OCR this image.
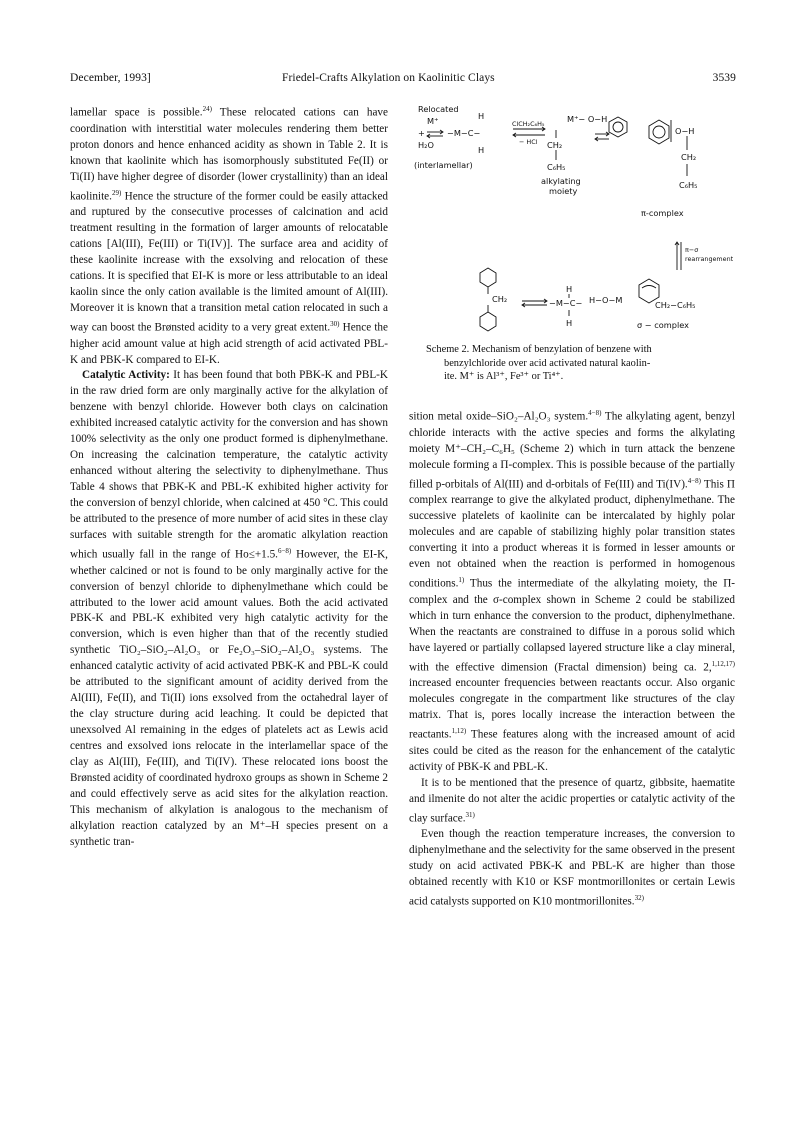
December, 1993]	Friedel-Crafts Alkylation on Kaolinitic Clays	3539

lamellar space is possible.$^{24)}$ These relocated cations can have coordination with interstitial water molecules rendering them better proton donors and hence enhanced acidity as shown in Table 2. It is known that kaolinite which has isomorphously substituted Fe(II) or Ti(II) have higher degree of disorder (lower crystallinity) than an ideal kaolinite.$^{29)}$ Hence the structure of the former could be easily attacked and ruptured by the consecutive processes of calcination and acid treatment resulting in the formation of larger amounts of relocatable cations [Al(III), Fe(III) or Ti(IV)]. The surface area and acidity of these kaolinite increase with the exsolving and relocation of these cations. It is specified that EI-K is more or less attributable to an ideal kaolin since the only cation available is the limited amount of Al(III). Moreover it is known that a transition metal cation relocated in such a way can boost the Brønsted acidity to a very great extent.$^{30)}$ Hence the higher acid amount value at high acid strength of acid activated PBL-K and PBK-K compared to EI-K.

Catalytic Activity: It has been found that both PBK-K and PBL-K in the raw dried form are only marginally active for the alkylation of benzene with benzyl chloride. However both clays on calcination exhibited increased catalytic activity for the conversion and has shown 100% selectivity as the only one product formed is diphenylmethane. On increasing the calcination temperature, the catalytic activity enhanced without altering the selectivity to diphenylmethane. Thus Table 4 shows that PBK-K and PBL-K exhibited higher activity for the conversion of benzyl chloride, when calcined at 450 °C. This could be attributed to the presence of more number of acid sites in these clay surfaces with suitable strength for the aromatic alkylation reaction which usually fall in the range of Ho≤+1.5.$^{6-8)}$ However, the EI-K, whether calcined or not is found to be only marginally active for the conversion of benzyl chloride to diphenylmethane which could be attributed to the lower acid amount values. Both the acid activated PBK-K and PBL-K exhibited very high catalytic activity for the conversion, which is even higher than that of the recently studied synthetic TiO₂–SiO₂–Al₂O₃ or Fe₂O₃–SiO₂–Al₂O₃ systems. The enhanced catalytic activity of acid activated PBK-K and PBL-K could be attributed to the significant amount of acidity derived from the Al(III), Fe(II), and Ti(II) ions exsolved from the octahedral layer of the clay structure during acid leaching. It could be depicted that unexsolved Al remaining in the edges of platelets act as Lewis acid centres and exsolved ions relocate in the interlamellar space of the clay as Al(III), Fe(III), and Ti(IV). These relocated ions boost the Brønsted acidity of coordinated hydroxo groups as shown in Scheme 2 and could effectively serve as acid sites for the alkylation reaction. This mechanism of alkylation is analogous to the mechanism of alkylation reaction catalyzed by an M⁺–H species present on a synthetic tran-

Relocated
M⁺
+
H₂O
(interlamellar)
−M−C−
H
H
ClCH₂C₆H₅
− HCl
M⁺− O−H
CH₂
C₆H₅
alkylating
moiety
O−H
CH₂
C₆H₅
π-complex
π−σ
rearrangement
CH₂	−M−C−
H
H
H−O−M	CH₂−C₆H₅
σ − complex
Scheme 2. Mechanism of benzylation of benzene with
benzylchloride over acid activated natural kaolin-
ite. M⁺ is Al³⁺, Fe³⁺ or Ti⁴⁺.

sition metal oxide–SiO₂–Al₂O₃ system.$^{4-8)}$ The alkylating agent, benzyl chloride interacts with the active species and forms the alkylating moiety M⁺–CH₂–C₆H₅ (Scheme 2) which in turn attack the benzene molecule forming a Π-complex. This is possible because of the partially filled p-orbitals of Al(III) and d-orbitals of Fe(III) and Ti(IV).$^{4-8)}$ This Π complex rearrange to give the alkylated product, diphenylmethane. The successive platelets of kaolinite can be intercalated by highly polar molecules and are capable of stabilizing highly polar transition states converting it into a product whereas it is formed in lesser amounts or even not obtained when the reaction is performed in homogenous conditions.$^{1)}$ Thus the intermediate of the alkylating moiety, the Π-complex and the σ-complex shown in Scheme 2 could be stabilized which in turn enhance the conversion to the product, diphenylmethane. When the reactants are constrained to diffuse in a porous solid which have layered or partially collapsed layered structure like a clay mineral, with the effective dimension (Fractal dimension) being ca. 2,$^{1,12,17)}$ increased encounter frequencies between reactants occur. Also organic molecules congregate in the compartment like structures of the clay matrix. That is, pores locally increase the interaction between the reactants.$^{1,12)}$ These features along with the increased amount of acid sites could be cited as the reason for the enhancement of the catalytic activity of PBK-K and PBL-K.

It is to be mentioned that the presence of quartz, gibbsite, haematite and ilmenite do not alter the acidic properties or catalytic activity of the clay surface.$^{31)}$

Even though the reaction temperature increases, the conversion to diphenylmethane and the selectivity for the same observed in the present study on acid activated PBK-K and PBL-K are higher than those obtained recently with K10 or KSF montmorillonites or certain Lewis acid catalysts supported on K10 montmorillonites.$^{32)}$
